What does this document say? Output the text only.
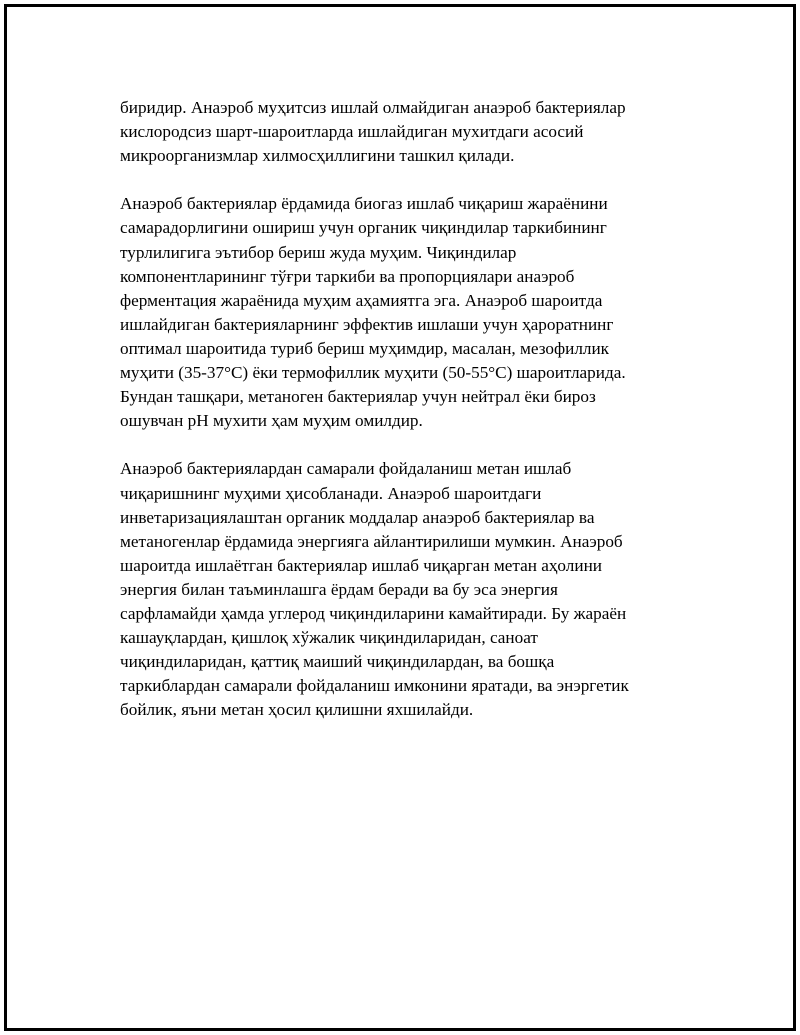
биридир. Анаэроб муҳитсиз ишлай олмайдиган анаэроб бактериялар
кислородсиз шарт-шароитларда ишлайдиган мухитдаги асосий
микроорганизмлар хилмосҳиллигини ташкил қилади.

Анаэроб бактериялар ёрдамида биогаз ишлаб чиқариш жараёнини
самарадорлигини ошириш учун органик чиқиндилар таркибининг
турлилигига эътибор бериш жуда муҳим. Чиқиндилар
компонентларининг тўғри таркиби ва пропорциялари анаэроб
ферментация жараёнида муҳим аҳамиятга эга. Анаэроб шароитда
ишлайдиган бактерияларнинг эффектив ишлаши учун ҳароратнинг
оптимал шароитида туриб бериш муҳимдир, масалан, мезофиллик
муҳити (35-37°C) ёки термофиллик муҳити (50-55°C) шароитларида.
Бундан ташқари, метаноген бактериялар учун нейтрал ёки бироз
ошувчан pH мухити ҳам муҳим омилдир.

Анаэроб бактериялардан самарали фойдаланиш метан ишлаб
чиқаришнинг муҳими ҳисобланади. Анаэроб шароитдаги
инветаризациялаштан органик моддалар анаэроб бактериялар ва
метаногенлар ёрдамида энергияга айлантирилиши мумкин. Анаэроб
шароитда ишлаётган бактериялар ишлаб чиқарган метан аҳолини
энергия билан таъминлашга ёрдам беради ва бу эса энергия
сарфламайди ҳамда углерод чиқиндиларини камайтиради. Бу жараён
кашауқлардан, қишлоқ хўжалик чиқиндиларидан, саноат
чиқиндиларидан, қаттиқ маиший чиқиндилардан, ва бошқа
таркиблардан самарали фойдаланиш имконини яратади, ва энэргетик
бойлик, яъни метан ҳосил қилишни яхшилайди.
